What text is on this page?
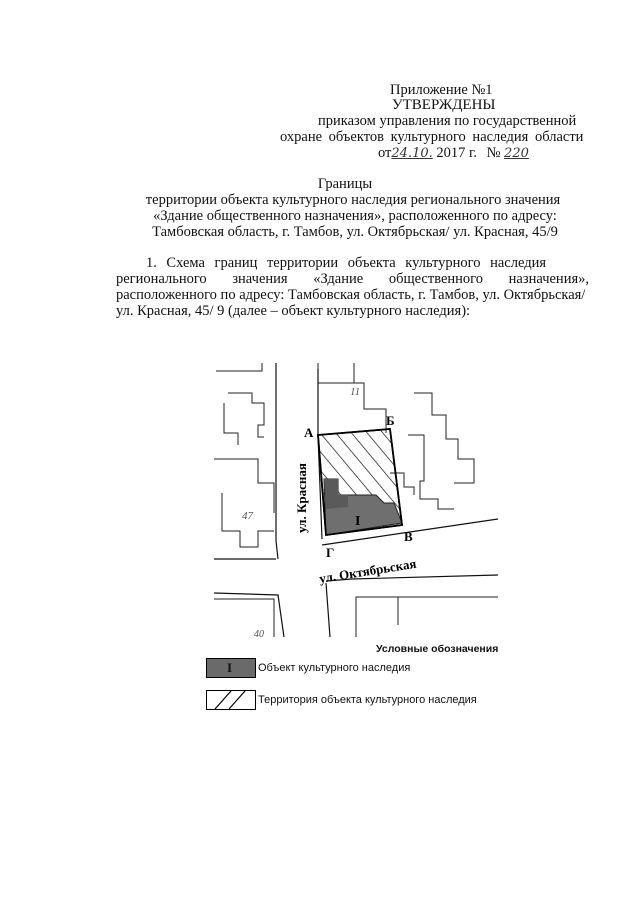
Приложение №1
УТВЕРЖДЕНЫ
приказом управления по государственной
охране объектов культурного наследия области
от24.10. 2017 г. № 220
Границы
территории объекта культурного наследия регионального значения
«Здание общественного назначения», расположенного по адресу:
Тамбовская область, г. Тамбов, ул. Октябрьская/ ул. Красная, 45/9
1. Схема границ территории объекта культурного наследия
регионального значения «Здание общественного назначения»,
расположенного по адресу: Тамбовская область, г. Тамбов, ул. Октябрьская/
ул. Красная, 45/ 9 (далее – объект культурного наследия):
А
Б
В
Г
I
11
47
40
ул. Красная
ул. Октябрьская
Условные обозначения
I Объект культурного наследия
Территория объекта культурного наследия
